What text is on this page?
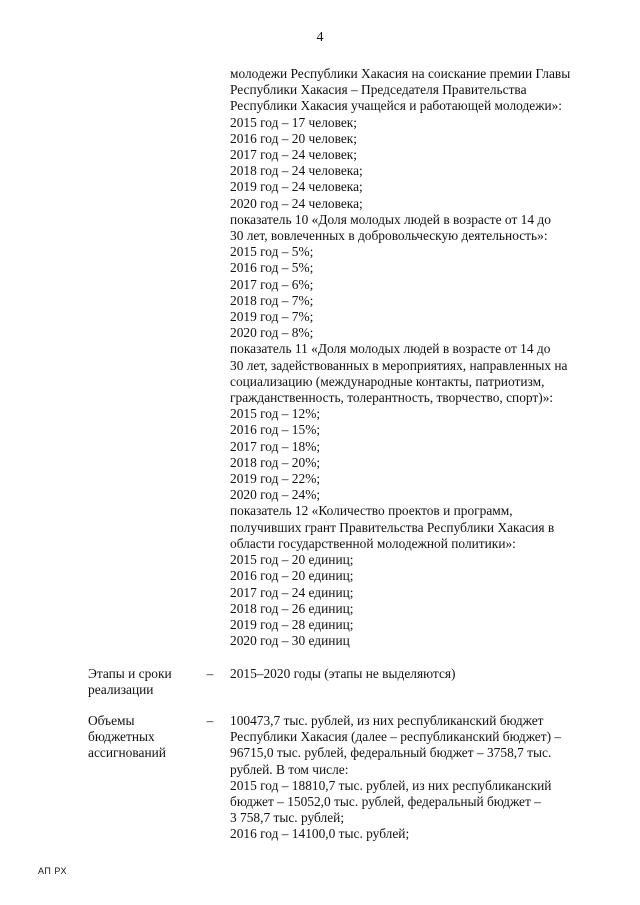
4
молодежи Республики Хакасия на соискание премии Главы
Республики Хакасия – Председателя Правительства
Республики Хакасия учащейся и работающей молодежи»:
2015 год – 17 человек;
2016 год – 20 человек;
2017 год – 24 человек;
2018 год – 24 человека;
2019 год – 24 человека;
2020 год – 24 человека;
показатель 10 «Доля молодых людей в возрасте от 14 до
30 лет, вовлеченных в добровольческую деятельность»:
2015 год – 5%;
2016 год – 5%;
2017 год – 6%;
2018 год – 7%;
2019 год – 7%;
2020 год – 8%;
показатель 11 «Доля молодых людей в возрасте от 14 до
30 лет, задействованных в мероприятиях, направленных на
социализацию (международные контакты, патриотизм,
гражданственность, толерантность, творчество, спорт)»:
2015 год – 12%;
2016 год – 15%;
2017 год – 18%;
2018 год – 20%;
2019 год – 22%;
2020 год – 24%;
показатель 12 «Количество проектов и программ,
получивших грант Правительства Республики Хакасия в
области государственной молодежной политики»:
2015 год – 20 единиц;
2016 год – 20 единиц;
2017 год – 24 единиц;
2018 год – 26 единиц;
2019 год – 28 единиц;
2020 год – 30 единиц
Этапы и сроки
реализации
– 2015–2020 годы (этапы не выделяются)
Объемы
бюджетных
ассигнований
– 100473,7 тыс. рублей, из них республиканский бюджет
Республики Хакасия (далее – республиканский бюджет) –
96715,0 тыс. рублей, федеральный бюджет – 3758,7 тыс.
рублей. В том числе:
2015 год – 18810,7 тыс. рублей, из них республиканский
бюджет – 15052,0 тыс. рублей, федеральный бюджет –
3 758,7 тыс. рублей;
2016 год – 14100,0 тыс. рублей;
АП РХ
